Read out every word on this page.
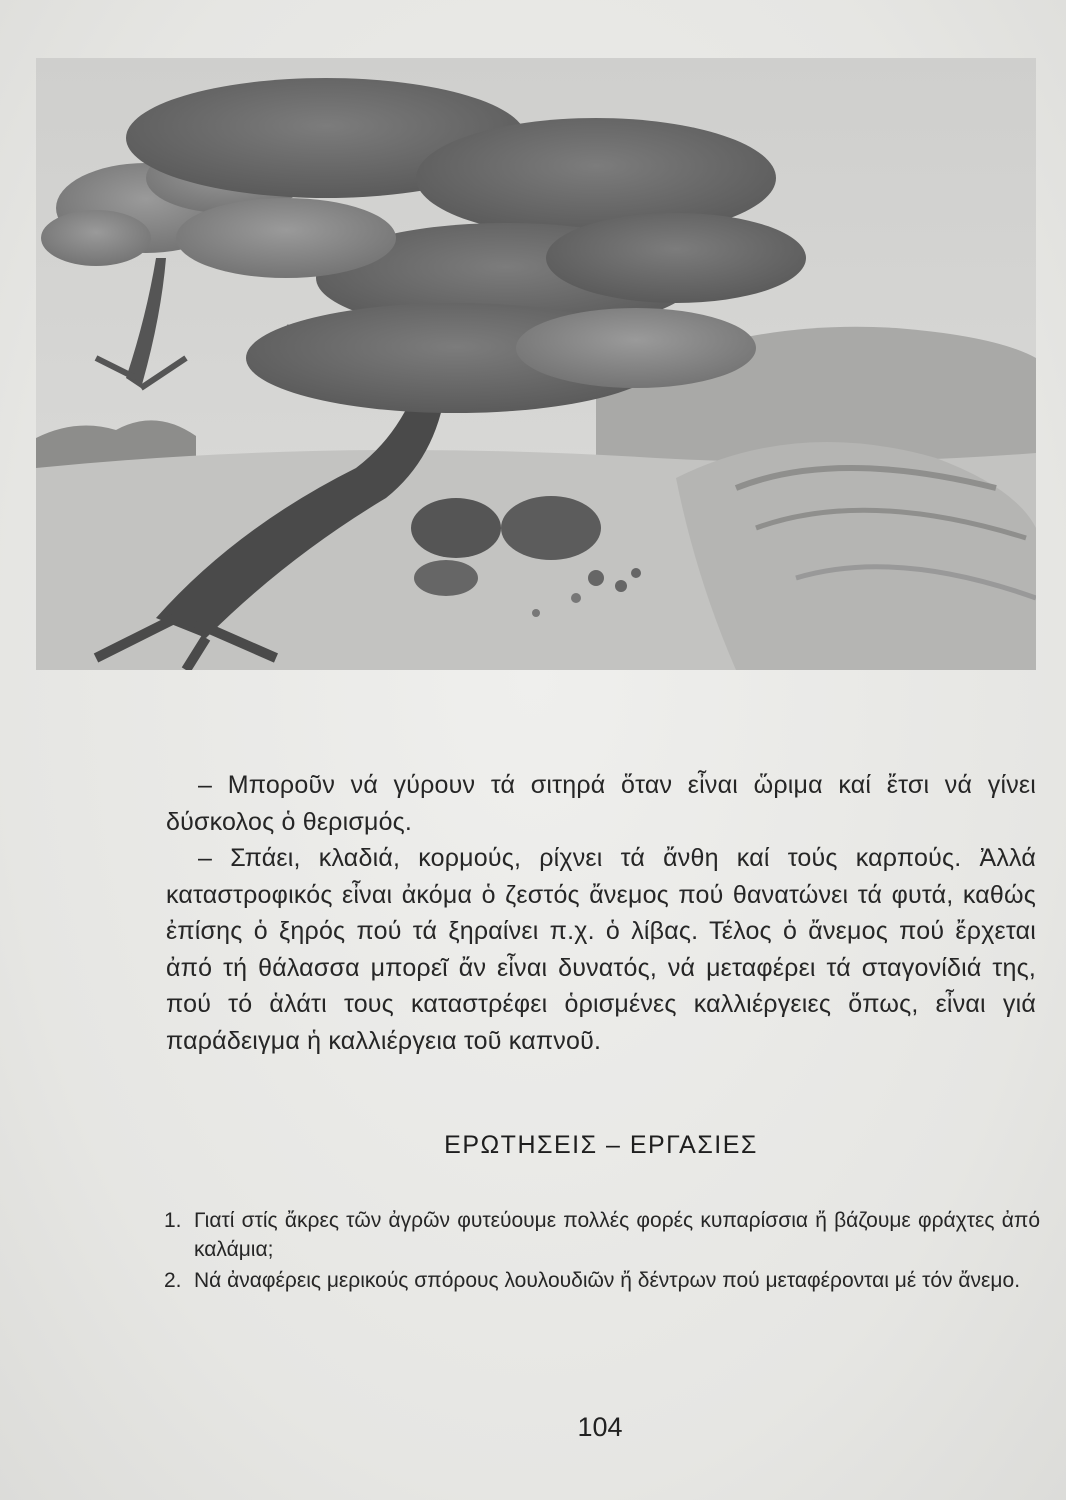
– Μποροῦν νά γύρουν τά σιτηρά ὅταν εἶναι ὥριμα καί ἔτσι νά γίνει δύσκολος ὁ θερισμός.

– Σπάει, κλαδιά, κορμούς, ρίχνει τά ἄνθη καί τούς καρπούς. Ἀλλά καταστροφικός εἶναι ἀκόμα ὁ ζεστός ἄνεμος πού θανατώνει τά φυτά, καθώς ἐπίσης ὁ ξηρός πού τά ξηραίνει π.χ. ὁ λίβας. Τέλος ὁ ἄνεμος πού ἔρχεται ἀπό τή θάλασσα μπορεῖ ἄν εἶναι δυνατός, νά μεταφέρει τά σταγονίδιά της, πού τό ἁλάτι τους καταστρέφει ὁρισμένες καλλιέργειες ὅπως, εἶναι γιά παράδειγμα ἡ καλλιέργεια τοῦ καπνοῦ.

ΕΡΩΤΗΣΕΙΣ – ΕΡΓΑΣΙΕΣ
1. Γιατί στίς ἄκρες τῶν ἀγρῶν φυτεύουμε πολλές φορές κυπαρίσσια ἤ βάζουμε φράχτες ἀπό καλάμια;
2. Νά ἀναφέρεις μερικούς σπόρους λουλουδιῶν ἤ δέντρων πού μεταφέρονται μέ τόν ἄνεμο.
104
